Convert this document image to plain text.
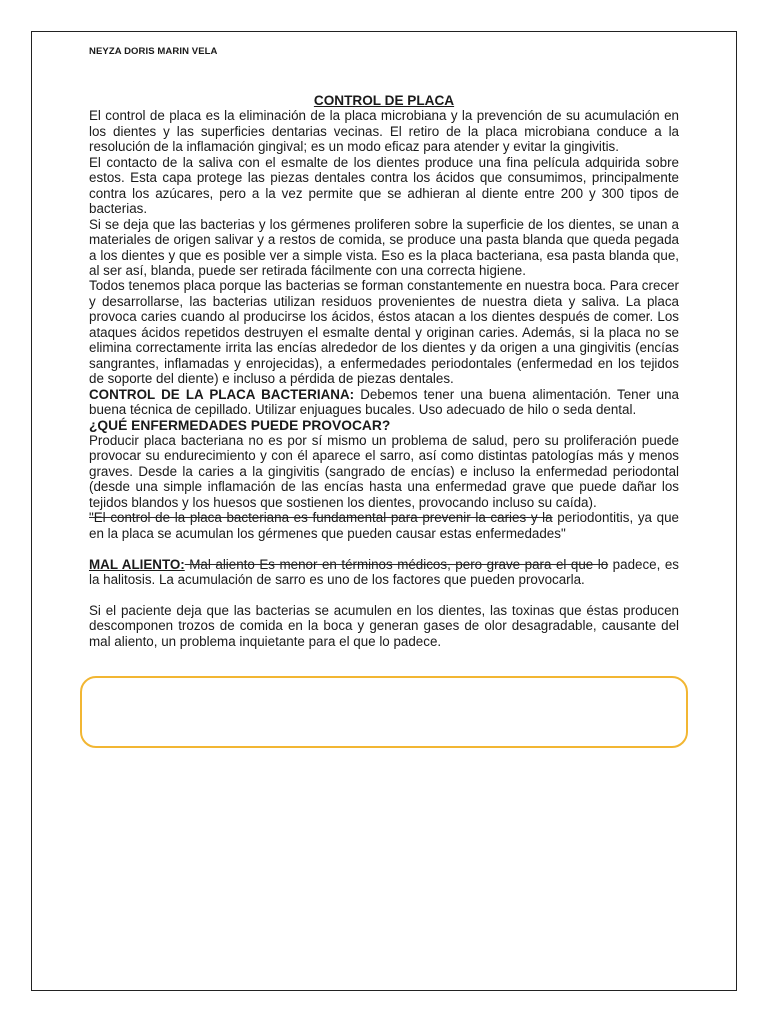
NEYZA DORIS MARIN VELA

CONTROL DE PLACA

El control de placa es la eliminación de la placa microbiana y la prevención de su acumulación en los dientes y las superficies dentarias vecinas. El retiro de la placa microbiana conduce a la resolución de la inflamación gingival; es un modo eficaz para atender y evitar la gingivitis.

El contacto de la saliva con el esmalte de los dientes produce una fina película adquirida sobre estos. Esta capa protege las piezas dentales contra los ácidos que consumimos, principalmente contra los azúcares, pero a la vez permite que se adhieran al diente entre 200 y 300 tipos de bacterias.

Si se deja que las bacterias y los gérmenes proliferen sobre la superficie de los dientes, se unan a materiales de origen salivar y a restos de comida, se produce una pasta blanda que queda pegada a los dientes y que es posible ver a simple vista. Eso es la placa bacteriana, esa pasta blanda que, al ser así, blanda, puede ser retirada fácilmente con una correcta higiene.

Todos tenemos placa porque las bacterias se forman constantemente en nuestra boca. Para crecer y desarrollarse, las bacterias utilizan residuos provenientes de nuestra dieta y saliva. La placa provoca caries cuando al producirse los ácidos, éstos atacan a los dientes después de comer. Los ataques ácidos repetidos destruyen el esmalte dental y originan caries. Además, si la placa no se elimina correctamente irrita las encías alrededor de los dientes y da origen a una gingivitis (encías sangrantes, inflamadas y enrojecidas), a enfermedades periodontales (enfermedad en los tejidos de soporte del diente) e incluso a pérdida de piezas dentales.

CONTROL DE LA PLACA BACTERIANA: Debemos tener una buena alimentación. Tener una buena técnica de cepillado. Utilizar enjuagues bucales. Uso adecuado de hilo o seda dental.

¿QUÉ ENFERMEDADES PUEDE PROVOCAR?

Producir placa bacteriana no es por sí mismo un problema de salud, pero su proliferación puede provocar su endurecimiento y con él aparece el sarro, así como distintas patologías más y menos graves. Desde la caries a la gingivitis (sangrado de encías) e incluso la enfermedad periodontal (desde una simple inflamación de las encías hasta una enfermedad grave que puede dañar los tejidos blandos y los huesos que sostienen los dientes, provocando incluso su caída).

"El control de la placa bacteriana es fundamental para prevenir la caries y la periodontitis, ya que en la placa se acumulan los gérmenes que pueden causar estas enfermedades"

MAL ALIENTO: Mal aliento Es menor en términos médicos, pero grave para el que lo padece, es la halitosis. La acumulación de sarro es uno de los factores que pueden provocarla.

Si el paciente deja que las bacterias se acumulen en los dientes, las toxinas que éstas producen descomponen trozos de comida en la boca y generan gases de olor desagradable, causante del mal aliento, un problema inquietante para el que lo padece.
